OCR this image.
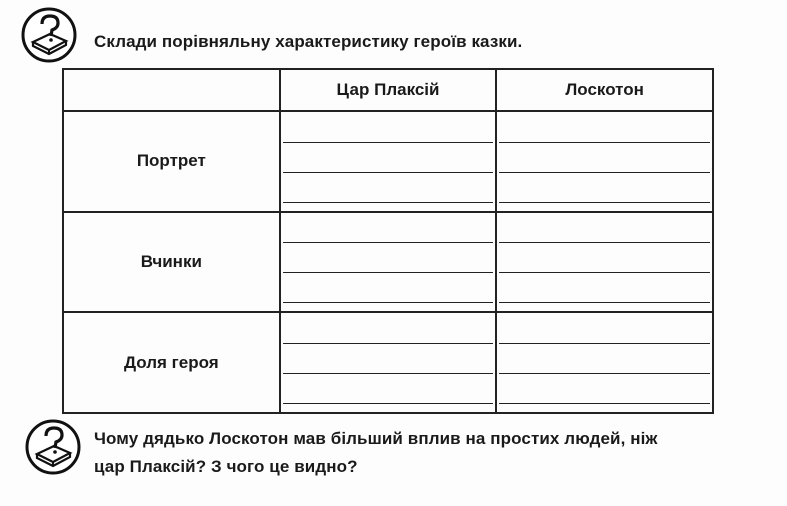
Склади порівняльну характеристику героїв казки.
	Цар Плаксій	Лоскотон
Портрет	

Вчинки	

Доля героя	

Чому дядько Лоскотон мав більший вплив на простих людей, ніж
цар Плаксій? З чого це видно?
